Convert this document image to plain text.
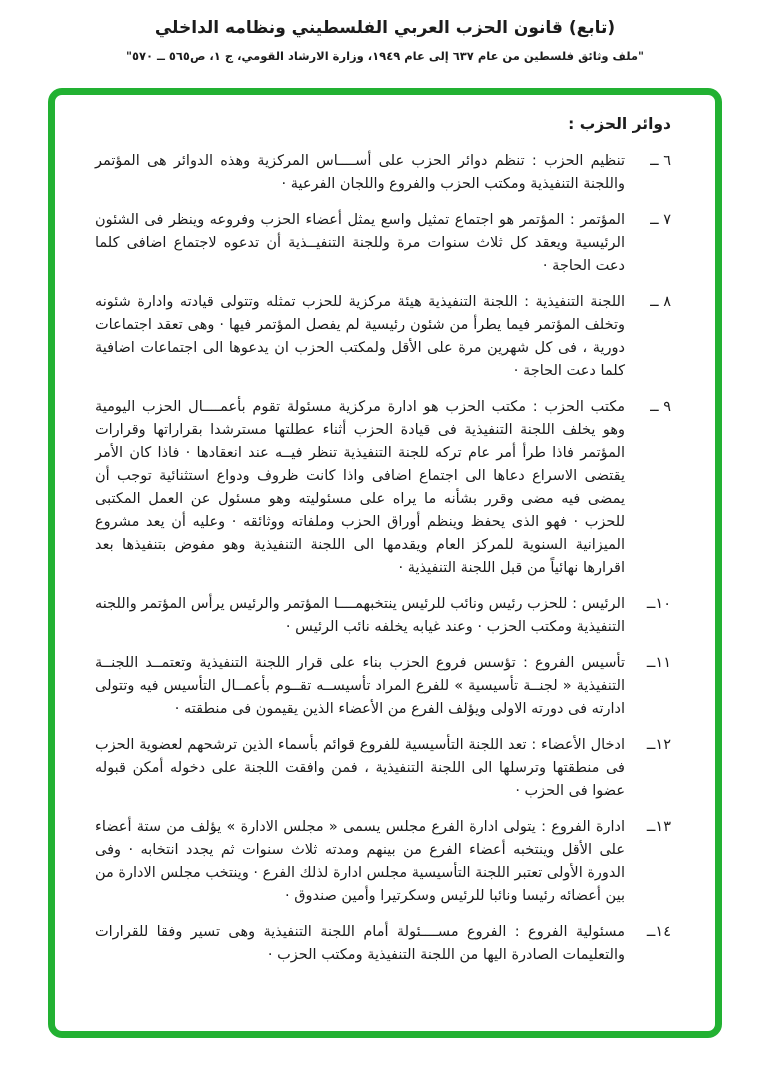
(تابع) قانون الحزب العربي الفلسطيني ونظامه الداخلي

"ملف وثائق فلسطين من عام ٦٣٧ إلى عام ١٩٤٩، وزارة الارشاد القومي، ج ١، ص٥٦٥ ــ ٥٧٠"

دوائر الحزب :
٦ ــ
تنظيم الحزب : تنظم دوائر الحزب على أســــاس المركزية وهذه الدوائر هى المؤتمر واللجنة التنفيذية ومكتب الحزب والفروع واللجان الفرعية ·
٧ ــ
المؤتمر : المؤتمر هو اجتماع تمثيل واسع يمثل أعضاء الحزب وفروعه وينظر فى الشئون الرئيسية ويعقد كل ثلاث سنوات مرة وللجنة التنفيــذية أن تدعوه لاجتماع اضافى كلما دعت الحاجة ·
٨ ــ
اللجنة التنفيذية : اللجنة التنفيذية هيئة مركزية للحزب تمثله وتتولى قيادته وادارة شئونه وتخلف المؤتمر فيما يطرأ من شئون رئيسية لم يفصل المؤتمر فيها · وهى تعقد اجتماعات دورية ، فى كل شهرين مرة على الأقل ولمكتب الحزب ان يدعوها الى اجتماعات اضافية كلما دعت الحاجة ·
٩ ــ
مكتب الحزب : مكتب الحزب هو ادارة مركزية مسئولة تقوم بأعمــــال الحزب اليومية وهو يخلف اللجنة التنفيذية فى قيادة الحزب أثناء عطلتها مسترشدا بقراراتها وقرارات المؤتمر فاذا طرأ أمر عام تركه للجنة التنفيذية تنظر فيــه عند انعقادها · فاذا كان الأمر يقتضى الاسراع دعاها الى اجتماع اضافى واذا كانت ظروف ودواع استثنائية توجب أن يمضى فيه مضى وقرر بشأنه ما يراه على مسئوليته وهو مسئول عن العمل المكتبى للحزب · فهو الذى يحفظ وينظم أوراق الحزب وملفاته ووثائقه · وعليه أن يعد مشروع الميزانية السنوية للمركز العام ويقدمها الى اللجنة التنفيذية وهو مفوض بتنفيذها بعد اقرارها نهائياً من قبل اللجنة التنفيذية ·
١٠ــ
الرئيس : للحزب رئيس ونائب للرئيس ينتخبهمــــا المؤتمر والرئيس يرأس المؤتمر واللجنه التنفيذية ومكتب الحزب · وعند غيابه يخلفه نائب الرئيس ·
١١ــ
تأسيس الفروع : تؤسس فروع الحزب بناء على قرار اللجنة التنفيذية وتعتمــد اللجنــة التنفيذية « لجنــة تأسيسية » للفرع المراد تأسيســه تقــوم بأعمــال التأسيس فيه وتتولى ادارته فى دورته الاولى ويؤلف الفرع من الأعضاء الذين يقيمون فى منطقته ·
١٢ــ
ادخال الأعضاء : تعد اللجنة التأسيسية للفروع قوائم بأسماء الذين ترشحهم لعضوية الحزب فى منطقتها وترسلها الى اللجنة التنفيذية ، فمن وافقت اللجنة على دخوله أمكن قبوله عضوا فى الحزب ·
١٣ــ
ادارة الفروع : يتولى ادارة الفرع مجلس يسمى « مجلس الادارة » يؤلف من ستة أعضاء على الأقل وينتخبه أعضاء الفرع من بينهم ومدته ثلاث سنوات ثم يجدد انتخابه · وفى الدورة الأولى تعتبر اللجنة التأسيسية مجلس ادارة لذلك الفرع · وينتخب مجلس الادارة من بين أعضائه رئيسا ونائبا للرئيس وسكرتيرا وأمين صندوق ·
١٤ــ
مسئولية الفروع : الفروع مســــئولة أمام اللجنة التنفيذية وهى تسير وفقا للقرارات والتعليمات الصادرة اليها من اللجنة التنفيذية ومكتب الحزب ·
